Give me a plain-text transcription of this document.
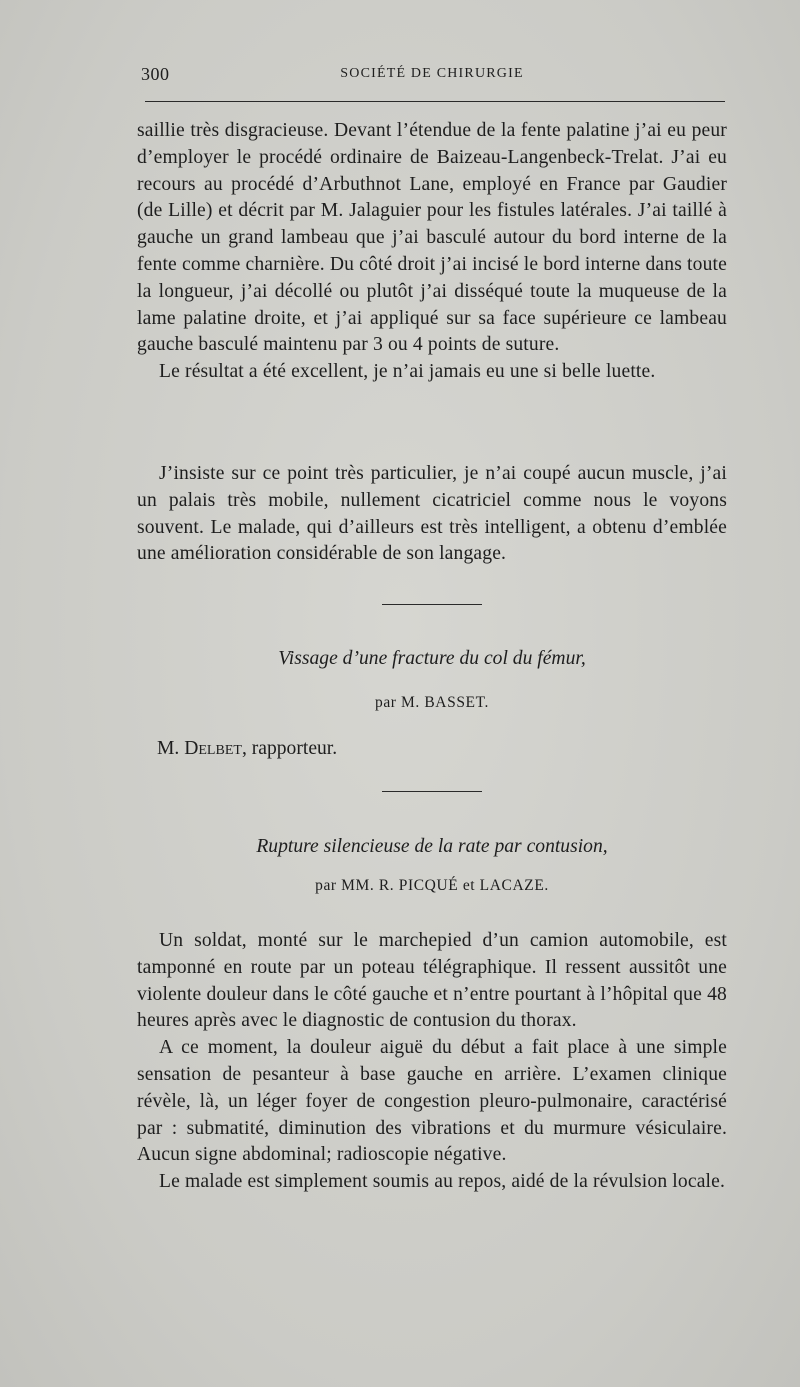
300	SOCIÉTÉ DE CHIRURGIE

saillie très disgracieuse. Devant l’étendue de la fente palatine j’ai eu peur d’employer le procédé ordinaire de Baizeau-Langenbeck-Trelat. J’ai eu recours au procédé d’Arbuthnot Lane, employé en France par Gaudier (de Lille) et décrit par M. Jalaguier pour les fistules latérales. J’ai taillé à gauche un grand lambeau que j’ai basculé autour du bord interne de la fente comme charnière. Du côté droit j’ai incisé le bord interne dans toute la longueur, j’ai décollé ou plutôt j’ai disséqué toute la muqueuse de la lame palatine droite, et j’ai appliqué sur sa face supérieure ce lambeau gauche basculé maintenu par 3 ou 4 points de suture.

Le résultat a été excellent, je n’ai jamais eu une si belle luette.

J’insiste sur ce point très particulier, je n’ai coupé aucun muscle, j’ai un palais très mobile, nullement cicatriciel comme nous le voyons souvent. Le malade, qui d’ailleurs est très intelligent, a obtenu d’emblée une amélioration considérable de son langage.

Vissage d’une fracture du col du fémur,
par M. BASSET.
M. Delbet, rapporteur.
Rupture silencieuse de la rate par contusion,
par MM. R. PICQUÉ et LACAZE.

Un soldat, monté sur le marchepied d’un camion automobile, est tamponné en route par un poteau télégraphique. Il ressent aussitôt une violente douleur dans le côté gauche et n’entre pourtant à l’hôpital que 48 heures après avec le diagnostic de contusion du thorax.

A ce moment, la douleur aiguë du début a fait place à une simple sensation de pesanteur à base gauche en arrière. L’examen clinique révèle, là, un léger foyer de congestion pleuro-pulmonaire, caractérisé par : submatité, diminution des vibrations et du murmure vésiculaire. Aucun signe abdominal; radioscopie négative.

Le malade est simplement soumis au repos, aidé de la révulsion locale.
